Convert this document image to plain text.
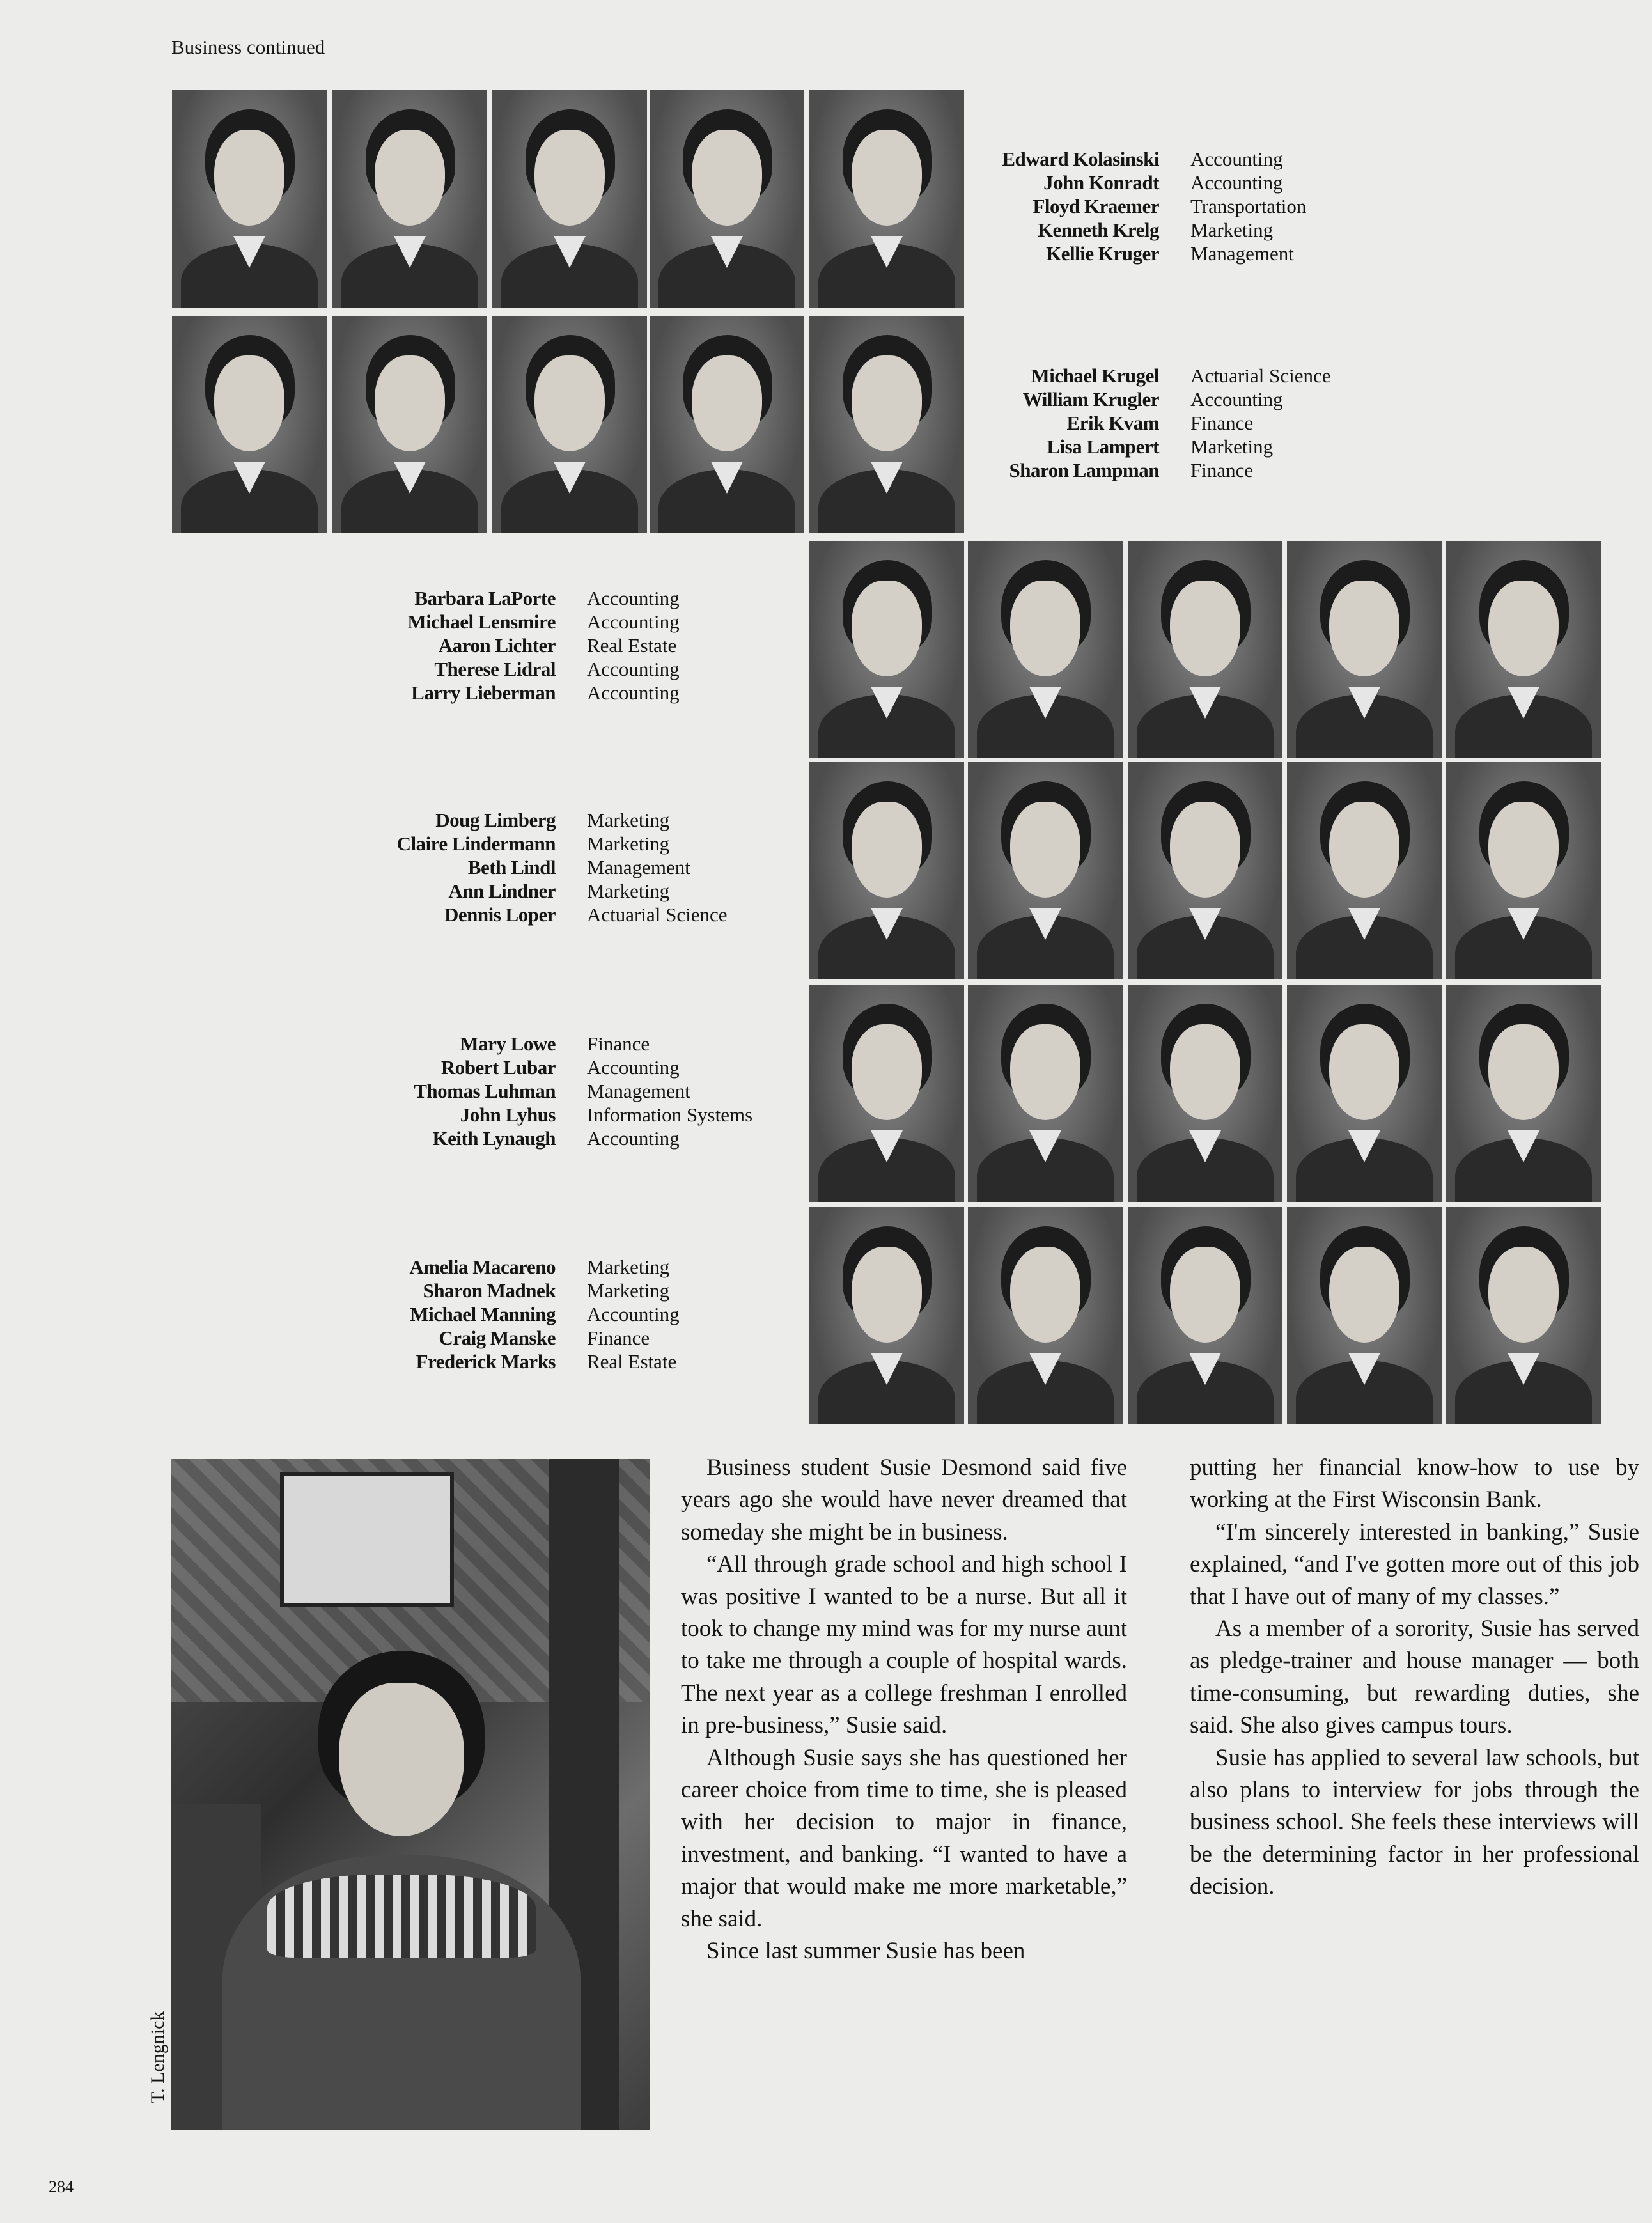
Business continued
Edward Kolasinski
John Konradt
Floyd Kraemer
Kenneth Krelg
Kellie Kruger
Accounting
Accounting
Transportation
Marketing
Management
Michael Krugel
William Krugler
Erik Kvam
Lisa Lampert
Sharon Lampman
Actuarial Science
Accounting
Finance
Marketing
Finance
Barbara LaPorte
Michael Lensmire
Aaron Lichter
Therese Lidral
Larry Lieberman
Accounting
Accounting
Real Estate
Accounting
Accounting
Doug Limberg
Claire Lindermann
Beth Lindl
Ann Lindner
Dennis Loper
Marketing
Marketing
Management
Marketing
Actuarial Science
Mary Lowe
Robert Lubar
Thomas Luhman
John Lyhus
Keith Lynaugh
Finance
Accounting
Management
Information Systems
Accounting
Amelia Macareno
Sharon Madnek
Michael Manning
Craig Manske
Frederick Marks
Marketing
Marketing
Accounting
Finance
Real Estate
T. Lengnick

Business student Susie Desmond said five years ago she would have never dreamed that someday she might be in business.

“All through grade school and high school I was positive I wanted to be a nurse. But all it took to change my mind was for my nurse aunt to take me through a couple of hospital wards. The next year as a college freshman I enrolled in pre-business,” Susie said.

Although Susie says she has questioned her career choice from time to time, she is pleased with her decision to major in finance, investment, and banking. “I wanted to have a major that would make me more marketable,” she said.

Since last summer Susie has been

putting her financial know-how to use by working at the First Wisconsin Bank.

“I'm sincerely interested in banking,” Susie explained, “and I've gotten more out of this job that I have out of many of my classes.”

As a member of a sorority, Susie has served as pledge-trainer and house manager — both time-consuming, but rewarding duties, she said. She also gives campus tours.

Susie has applied to several law schools, but also plans to interview for jobs through the business school. She feels these interviews will be the determining factor in her professional decision.

284
